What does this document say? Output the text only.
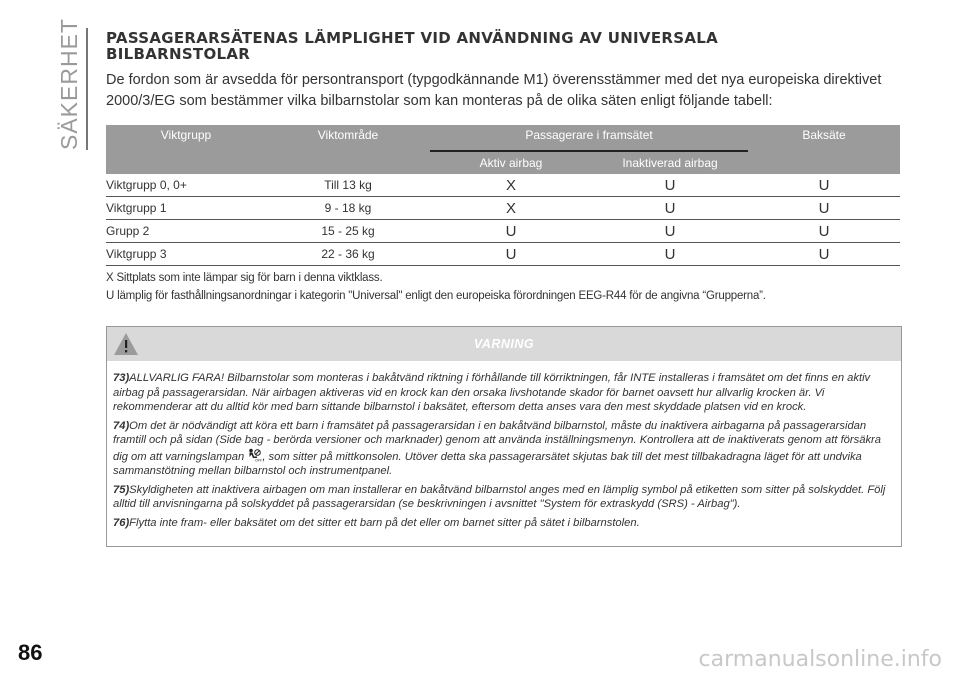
SÄKERHET
86	carmanualsonline.info
PASSAGERARSÄTENAS LÄMPLIGHET VID ANVÄNDNING AV UNIVERSALA
BILBARNSTOLAR

De fordon som är avsedda för persontransport (typgodkännande M1) överensstämmer med det nya europeiska direktivet 2000/3/EG som bestämmer vilka bilbarnstolar som kan monteras på de olika säten enligt följande tabell:

Viktgrupp	Viktområde	Passagerare i framsätet		Baksäte
		Aktiv airbag	Inaktiverad airbag	
Viktgrupp 0, 0+	Till 13 kg	X	U	U
Viktgrupp 1	9 - 18 kg	X	U	U
Grupp 2	15 - 25 kg	U	U	U
Viktgrupp 3	22 - 36 kg	U	U	U

X Sittplats som inte lämpar sig för barn i denna viktklass.

U lämplig för fasthållningsanordningar i kategorin "Universal" enligt den europeiska förordningen EEG-R44 för de angivna “Grupperna”.

VARNING

73)ALLVARLIG FARA! Bilbarnstolar som monteras i bakåtvänd riktning i förhållande till körriktningen, får INTE installeras i framsätet om det finns en aktiv airbag på passagerarsidan. När airbagen aktiveras vid en krock kan den orsaka livshotande skador för barnet oavsett hur allvarlig krocken är. Vi rekommenderar att du alltid kör med barn sittande bilbarnstol i baksätet, eftersom detta anses vara den mest skyddade platsen vid en krock.

74)Om det är nödvändigt att köra ett barn i framsätet på passagerarsidan i en bakåtvänd bilbarnstol, måste du inaktivera airbagarna på passagerarsidan framtill och på sidan (Side bag - berörda versioner och marknader) genom att använda inställningsmenyn. Kontrollera att de inaktiverats genom att försäkra dig om att varningslampan	OFF , som sitter på mittkonsolen. Utöver detta ska passagerarsätet skjutas bak till det mest tillbakadragna läget för att undvika sammanstötning mellan bilbarnstol och instrumentpanel.

75)Skyldigheten att inaktivera airbagen om man installerar en bakåtvänd bilbarnstol anges med en lämplig symbol på etiketten som sitter på solskyddet. Följ alltid till anvisningarna på solskyddet på passagerarsidan (se beskrivningen i avsnittet "System för extraskydd (SRS) - Airbag").

76)Flytta inte fram- eller baksätet om det sitter ett barn på det eller om barnet sitter på sätet i bilbarnstolen.
